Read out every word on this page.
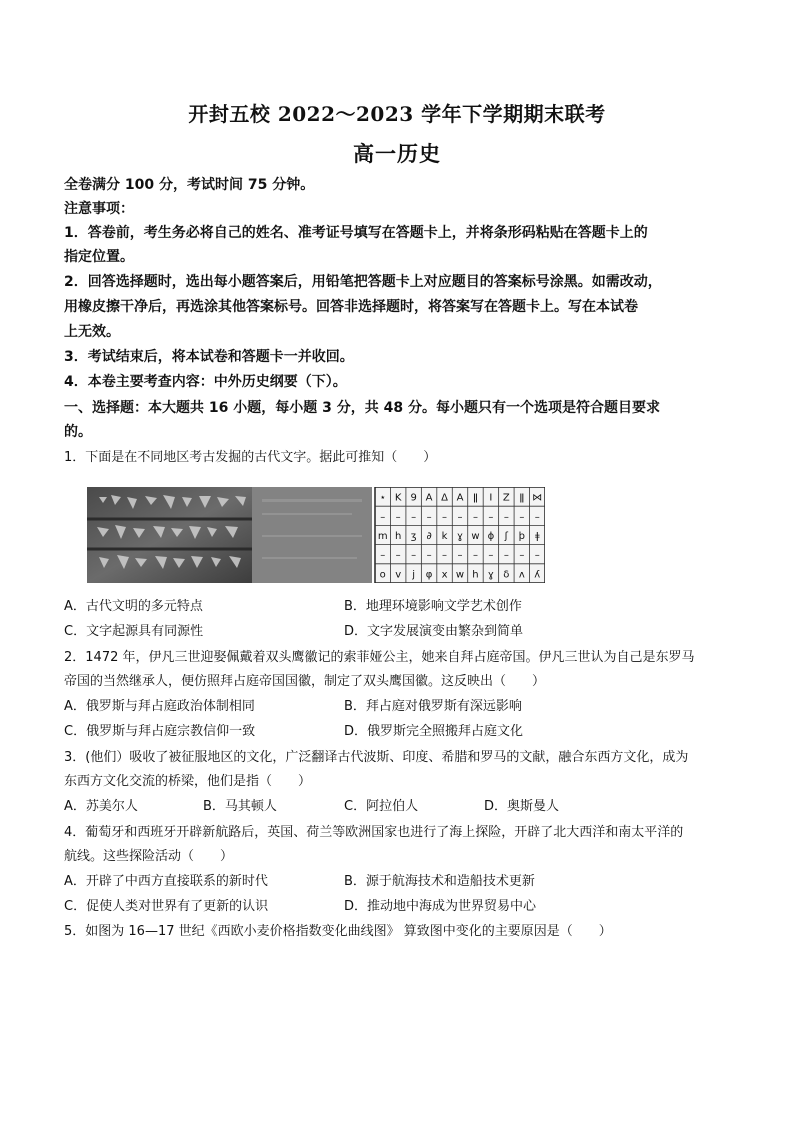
开封五校 2022～2023 学年下学期期末联考
高一历史
全卷满分 100 分，考试时间 75 分钟。
注意事项：
1．答卷前，考生务必将自己的姓名、准考证号填写在答题卡上，并将条形码粘贴在答题卡上的
指定位置。
2．回答选择题时，选出每小题答案后，用铅笔把答题卡上对应题目的答案标号涂黑。如需改动，
用橡皮擦干净后，再选涂其他答案标号。回答非选择题时，将答案写在答题卡上。写在本试卷
上无效。
3．考试结束后，将本试卷和答题卡一并收回。
4．本卷主要考查内容：中外历史纲要（下）。
一、选择题：本大题共 16 小题，每小题 3 分，共 48 分。每小题只有一个选项是符合题目要求
的。
1．下面是在不同地区考古发掘的古代文字。据此可推知（　　）
⋆ K 9 A Δ A ǁ I Z ǁ ⋈
– – – – – – – – – – –
m h ʒ ∂ k ɣ w ɸ ʃ ϸ ǂ
– – – – – – – – – – –
o v j φ x w h ɣ δ ʌ ʎ
A．古代文明的多元特点	B．地理环境影响文学艺术创作
C．文字起源具有同源性	D．文字发展演变由繁杂到简单
2．1472 年，伊凡三世迎娶佩戴着双头鹰徽记的索菲娅公主，她来自拜占庭帝国。伊凡三世认为自己是东罗马
帝国的当然继承人，便仿照拜占庭帝国国徽，制定了双头鹰国徽。这反映出（　　）
A．俄罗斯与拜占庭政治体制相同	B．拜占庭对俄罗斯有深远影响
C．俄罗斯与拜占庭宗教信仰一致	D．俄罗斯完全照搬拜占庭文化
3．(他们）吸收了被征服地区的文化，广泛翻译古代波斯、印度、希腊和罗马的文献，融合东西方文化，成为
东西方文化交流的桥梁，他们是指（　　）
A．苏美尔人	B．马其顿人	C．阿拉伯人	D．奥斯曼人
4．葡萄牙和西班牙开辟新航路后，英国、荷兰等欧洲国家也进行了海上探险，开辟了北大西洋和南太平洋的
航线。这些探险活动（　　）
A．开辟了中西方直接联系的新时代	B．源于航海技术和造船技术更新
C．促使人类对世界有了更新的认识	D．推动地中海成为世界贸易中心
5．如图为 16—17 世纪《西欧小麦价格指数变化曲线图》 算致图中变化的主要原因是（　　）
